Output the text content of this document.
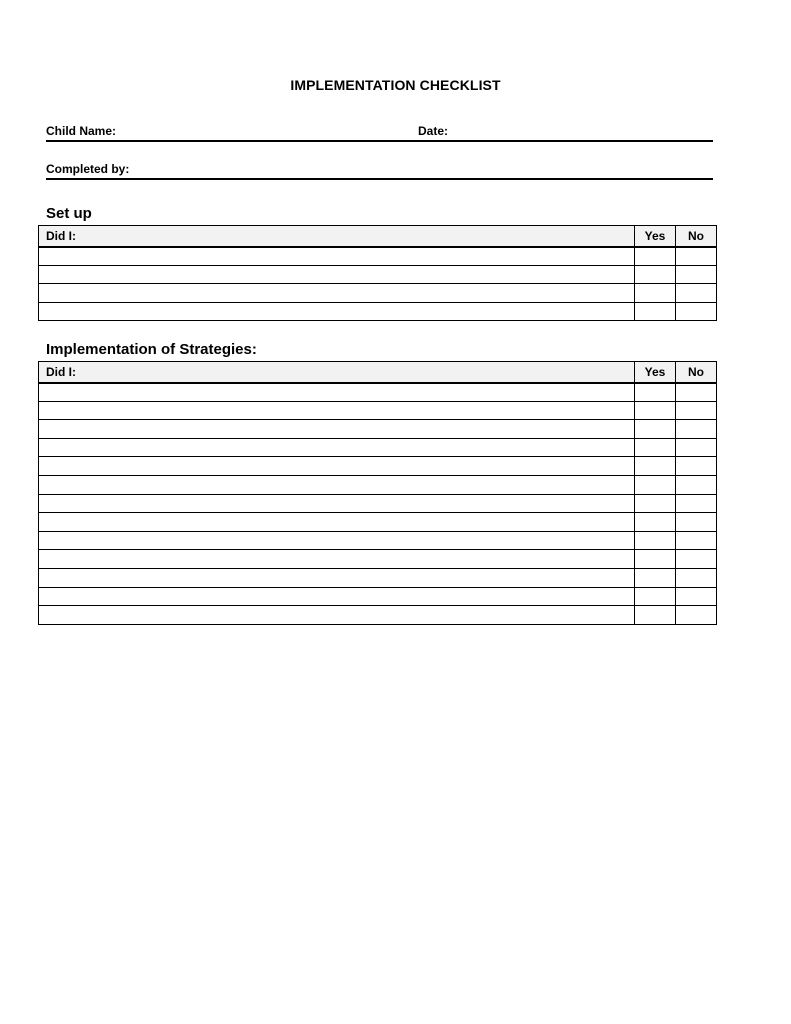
IMPLEMENTATION CHECKLIST
Child Name:	Date:
Completed by:
Set up
Did I:	Yes	No

Implementation of Strategies:
Did I:	Yes	No
